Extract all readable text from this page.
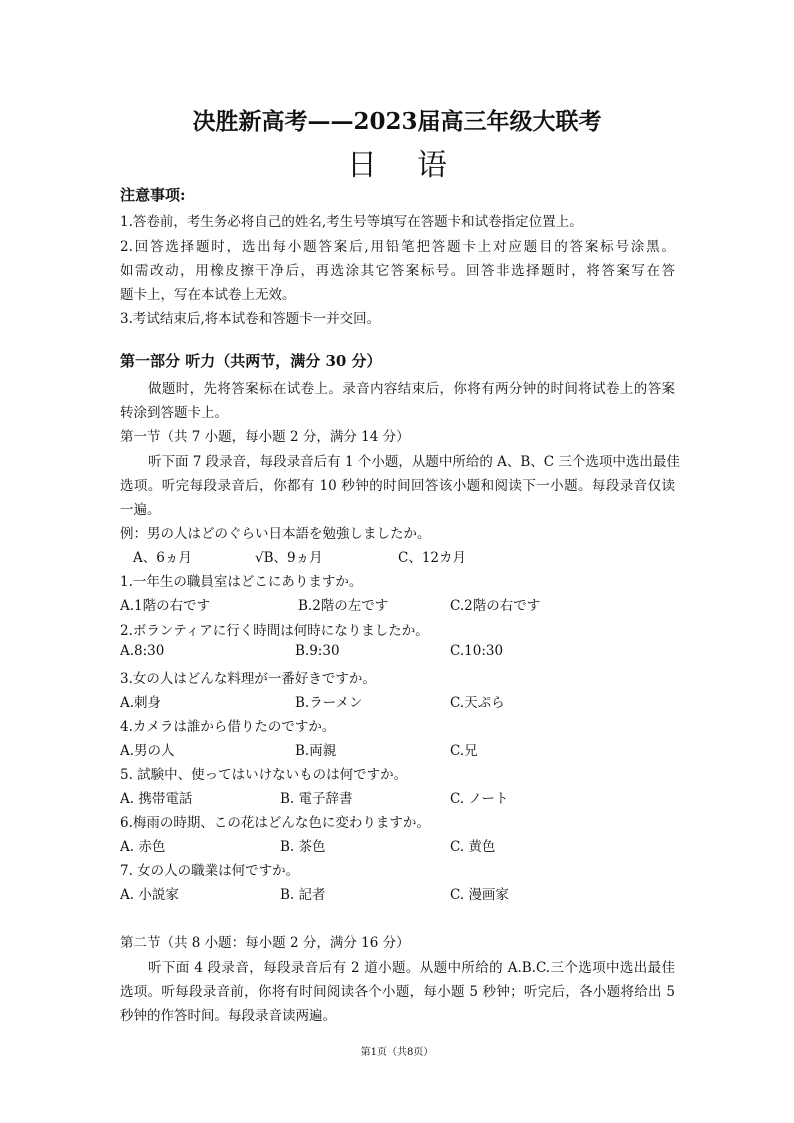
决胜新高考——2023届高三年级大联考
日语
注意事项:
1.答卷前，考生务必将自己的姓名,考生号等填写在答题卡和试卷指定位置上。
2.回答选择题时，选出每小题答案后,用铅笔把答题卡上对应题目的答案标号涂黑。
如需改动，用橡皮擦干净后，再选涂其它答案标号。回答非选择题时，将答案写在答
题卡上，写在本试卷上无效。
3.考试结束后,将本试卷和答题卡一并交回。
第一部分 听力（共两节，满分 30 分）
做题时，先将答案标在试卷上。录音内容结束后，你将有两分钟的时间将试卷上的答案
转涂到答题卡上。
第一节（共 7 小题，每小题 2 分，满分 14 分）
听下面 7 段录音，每段录音后有 1 个小题，从题中所给的 A、B、C 三个选项中选出最佳
选项。听完每段录音后，你都有 10 秒钟的时间回答该小题和阅读下一小题。每段录音仅读
一遍。
例：男の人はどのぐらい日本語を勉強しましたか。
A、6ヵ月	√B、9ヵ月	C、12カ月
1.一年生の職員室はどこにありますか。
A.1階の右です	B.2階の左です	C.2階の右です
2.ボランティアに行く時間は何時になりましたか。
A.8:30	B.9:30	C.10:30
3.女の人はどんな料理が一番好きですか。
A.刺身	B.ラーメン	C.天ぷら
4.カメラは誰から借りたのですか。
A.男の人	B.両親	C.兄
5. 試験中、使ってはいけないものは何ですか。
A. 携帯電話	B. 電子辞書	C. ノート
6.梅雨の時期、この花はどんな色に変わりますか。
A. 赤色	B. 茶色	C. 黄色
7. 女の人の職業は何ですか。
A. 小説家	B. 記者	C. 漫画家
第二节（共 8 小题：每小题 2 分，满分 16 分）
听下面 4 段录音，每段录音后有 2 道小题。从题中所给的 A.B.C.三个选项中选出最佳
选项。听每段录音前，你将有时间阅读各个小题，每小题 5 秒钟；听完后，各小题将给出 5
秒钟的作答时间。每段录音读两遍。
第1页（共8页）
